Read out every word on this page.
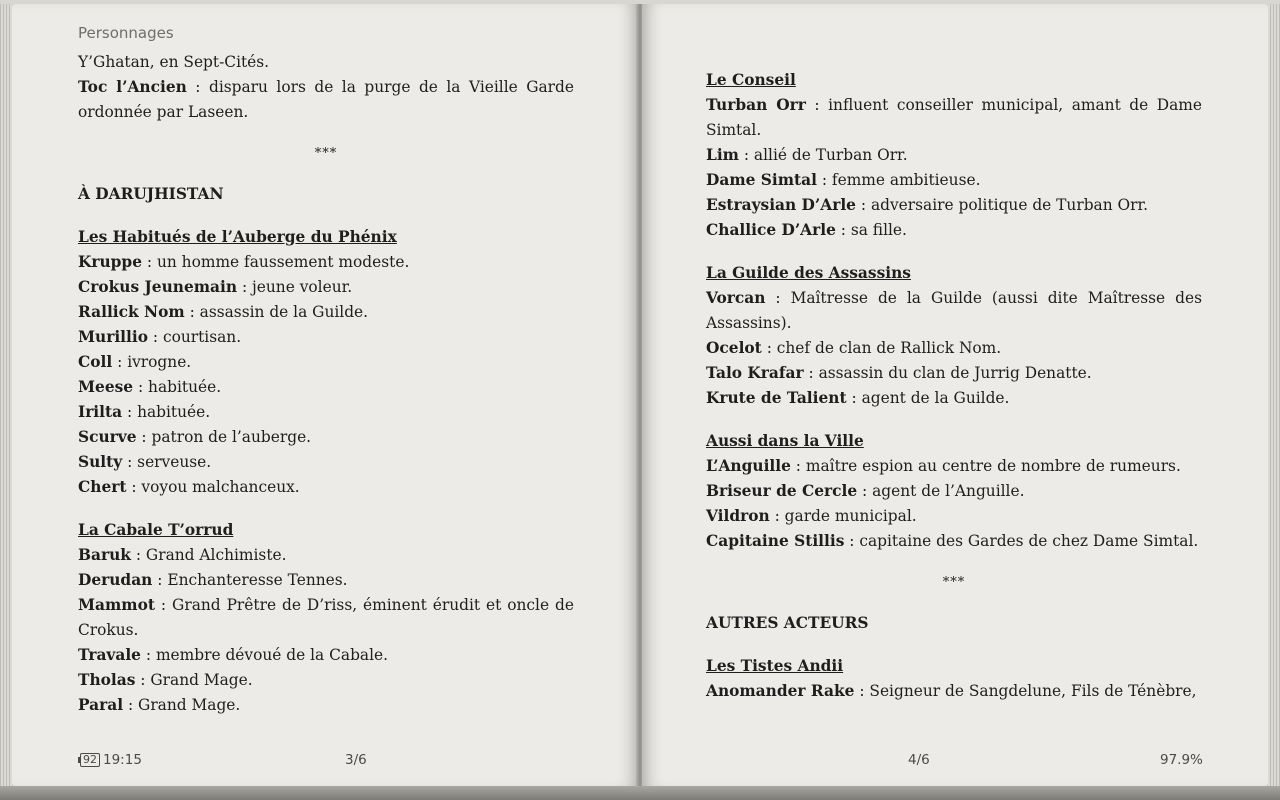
Personnages

Y’Ghatan, en Sept-Cités.

Toc l’Ancien : disparu lors de la purge de la Vieille Garde ordonnée par Laseen.

***

À DARUJHISTAN

Les Habitués de l’Auberge du Phénix

Kruppe : un homme faussement modeste.

Crokus Jeunemain : jeune voleur.

Rallick Nom : assassin de la Guilde.

Murillio : courtisan.

Coll : ivrogne.

Meese : habituée.

Irilta : habituée.

Scurve : patron de l’auberge.

Sulty : serveuse.

Chert : voyou malchanceux.

La Cabale T’orrud

Baruk : Grand Alchimiste.

Derudan : Enchanteresse Tennes.

Mammot : Grand Prêtre de D’riss, éminent érudit et oncle de Crokus.

Travale : membre dévoué de la Cabale.

Tholas : Grand Mage.

Paral : Grand Mage.

92 19:15	3/6

Le Conseil

Turban Orr : influent conseiller municipal, amant de Dame Simtal.

Lim : allié de Turban Orr.

Dame Simtal : femme ambitieuse.

Estraysian D’Arle : adversaire politique de Turban Orr.

Challice D’Arle : sa fille.

La Guilde des Assassins

Vorcan : Maîtresse de la Guilde (aussi dite Maîtresse des Assassins).

Ocelot : chef de clan de Rallick Nom.

Talo Krafar : assassin du clan de Jurrig Denatte.

Krute de Talient : agent de la Guilde.

Aussi dans la Ville

L’Anguille : maître espion au centre de nombre de rumeurs.

Briseur de Cercle : agent de l’Anguille.

Vildron : garde municipal.

Capitaine Stillis : capitaine des Gardes de chez Dame Simtal.

***

AUTRES ACTEURS

Les Tistes Andii

Anomander Rake : Seigneur de Sangdelune, Fils de Ténèbre,

4/6	97.9%
